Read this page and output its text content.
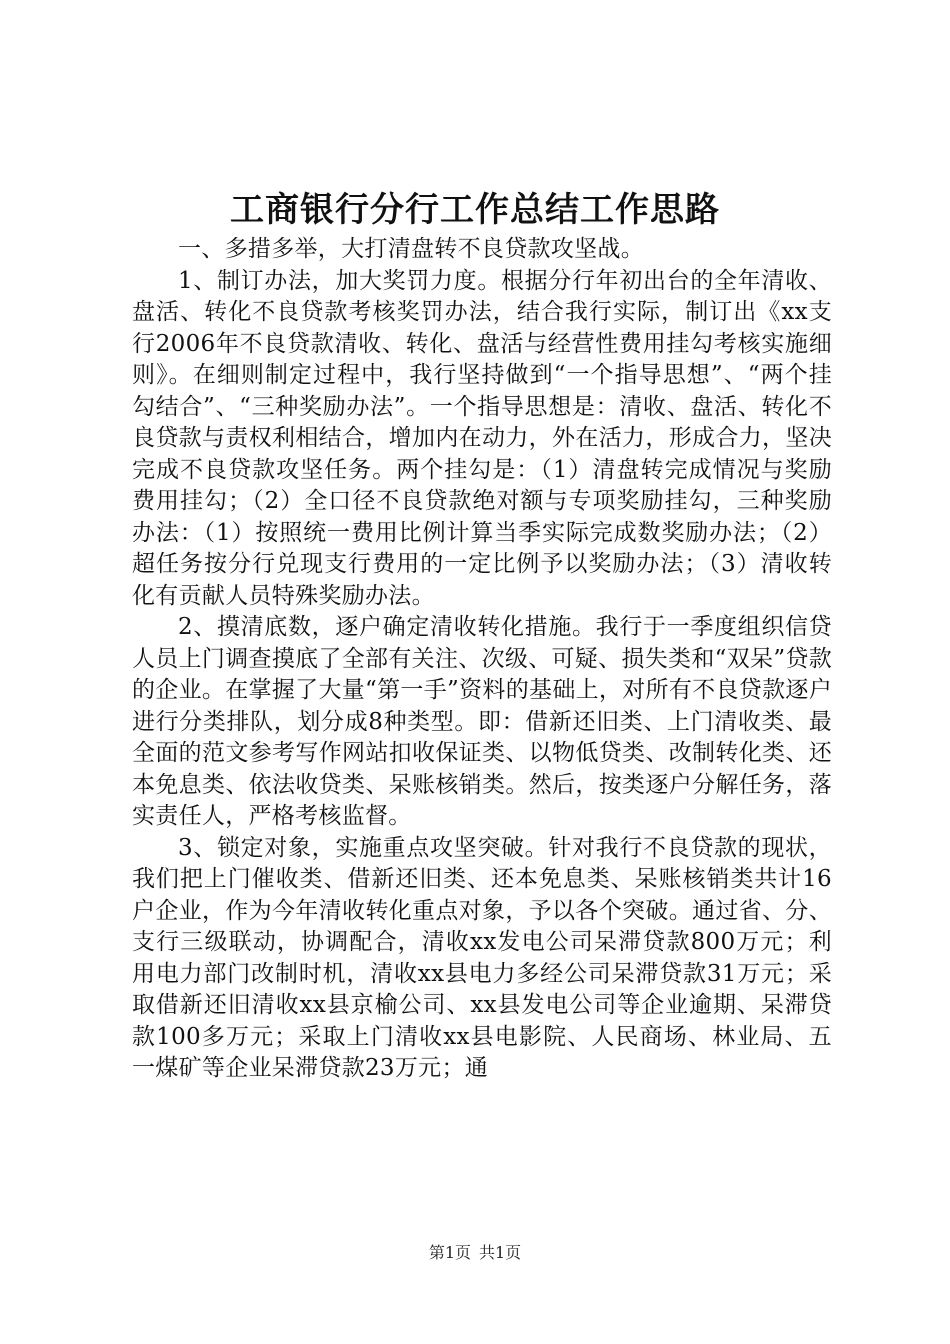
工商银行分行工作总结工作思路

一、多措多举，大打清盘转不良贷款攻坚战。

1、制订办法，加大奖罚力度。根据分行年初出台的全年清收、盘活、转化不良贷款考核奖罚办法，结合我行实际，制订出《xx支行2006年不良贷款清收、转化、盘活与经营性费用挂勾考核实施细则》。在细则制定过程中，我行坚持做到“一个指导思想”、“两个挂勾结合”、“三种奖励办法”。一个指导思想是：清收、盘活、转化不良贷款与责权利相结合，增加内在动力，外在活力，形成合力，坚决完成不良贷款攻坚任务。两个挂勾是：（1）清盘转完成情况与奖励费用挂勾；（2）全口径不良贷款绝对额与专项奖励挂勾，三种奖励办法：（1）按照统一费用比例计算当季实际完成数奖励办法；（2）超任务按分行兑现支行费用的一定比例予以奖励办法；（3）清收转化有贡献人员特殊奖励办法。

2、摸清底数，逐户确定清收转化措施。我行于一季度组织信贷人员上门调查摸底了全部有关注、次级、可疑、损失类和“双呆”贷款的企业。在掌握了大量“第一手”资料的基础上，对所有不良贷款逐户进行分类排队，划分成8种类型。即：借新还旧类、上门清收类、最全面的范文参考写作网站扣收保证类、以物低贷类、改制转化类、还本免息类、依法收贷类、呆账核销类。然后，按类逐户分解任务，落实责任人，严格考核监督。

3、锁定对象，实施重点攻坚突破。针对我行不良贷款的现状，我们把上门催收类、借新还旧类、还本免息类、呆账核销类共计16户企业，作为今年清收转化重点对象，予以各个突破。通过省、分、支行三级联动，协调配合，清收xx发电公司呆滞贷款800万元；利用电力部门改制时机，清收xx县电力多经公司呆滞贷款31万元；采取借新还旧清收xx县京榆公司、xx县发电公司等企业逾期、呆滞贷款100多万元；采取上门清收xx县电影院、人民商场、林业局、五一煤矿等企业呆滞贷款23万元；通

第1页 共1页
